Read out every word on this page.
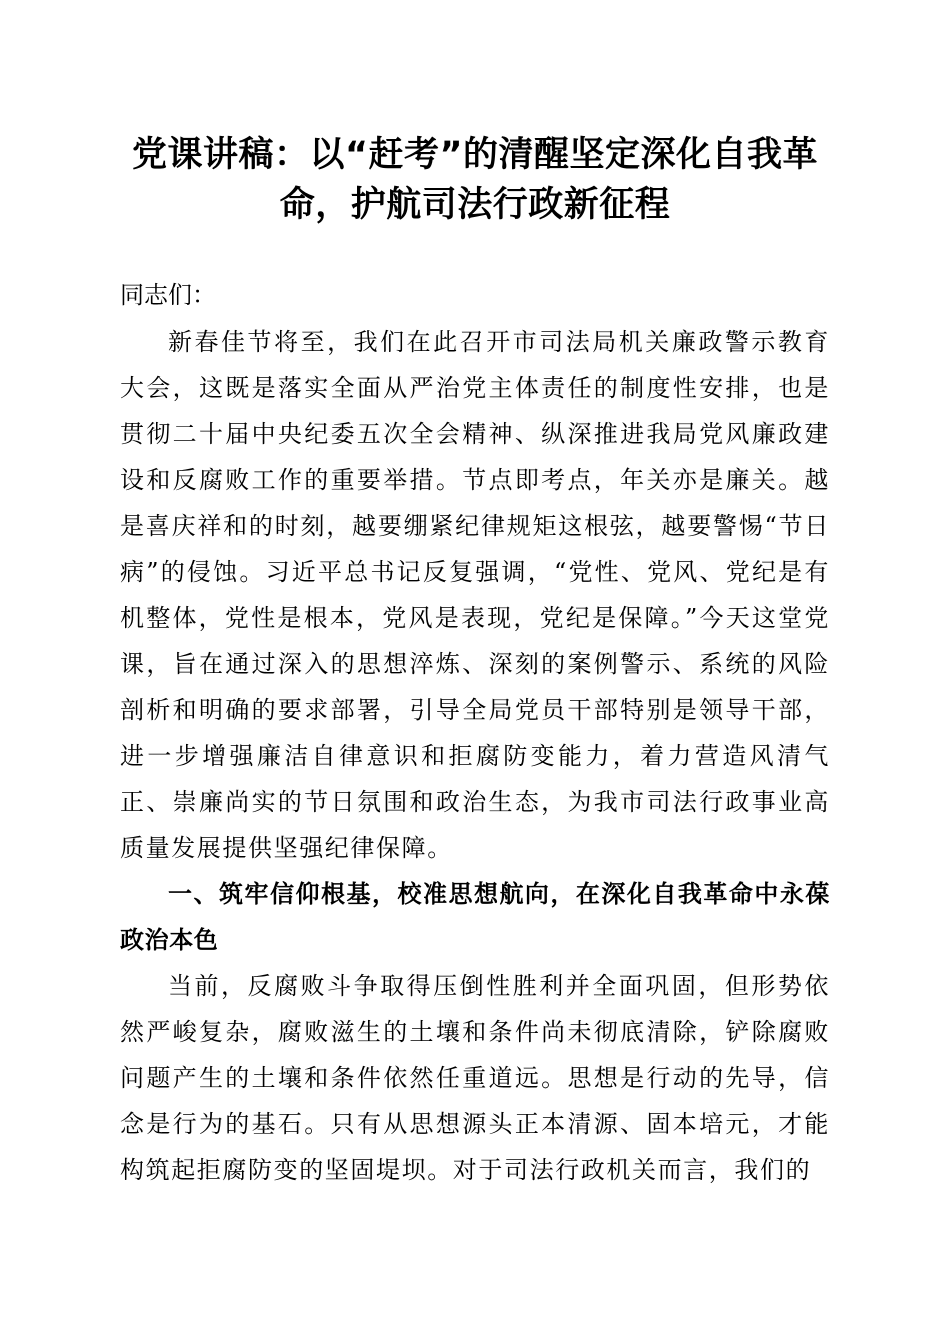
党课讲稿：以“赶考”的清醒坚定深化自我革
命，护航司法行政新征程

同志们：

新春佳节将至，我们在此召开市司法局机关廉政警示教育大会，这既是落实全面从严治党主体责任的制度性安排，也是贯彻二十届中央纪委五次全会精神、纵深推进我局党风廉政建设和反腐败工作的重要举措。节点即考点，年关亦是廉关。越是喜庆祥和的时刻，越要绷紧纪律规矩这根弦，越要警惕“节日病”的侵蚀。习近平总书记反复强调，“党性、党风、党纪是有机整体，党性是根本，党风是表现，党纪是保障。”今天这堂党课，旨在通过深入的思想淬炼、深刻的案例警示、系统的风险剖析和明确的要求部署，引导全局党员干部特别是领导干部，进一步增强廉洁自律意识和拒腐防变能力，着力营造风清气正、崇廉尚实的节日氛围和政治生态，为我市司法行政事业高质量发展提供坚强纪律保障。

一、筑牢信仰根基，校准思想航向，在深化自我革命中永葆政治本色

当前，反腐败斗争取得压倒性胜利并全面巩固，但形势依然严峻复杂，腐败滋生的土壤和条件尚未彻底清除，铲除腐败问题产生的土壤和条件依然任重道远。思想是行动的先导，信念是行为的基石。只有从思想源头正本清源、固本培元，才能构筑起拒腐防变的坚固堤坝。对于司法行政机关而言，我们的
